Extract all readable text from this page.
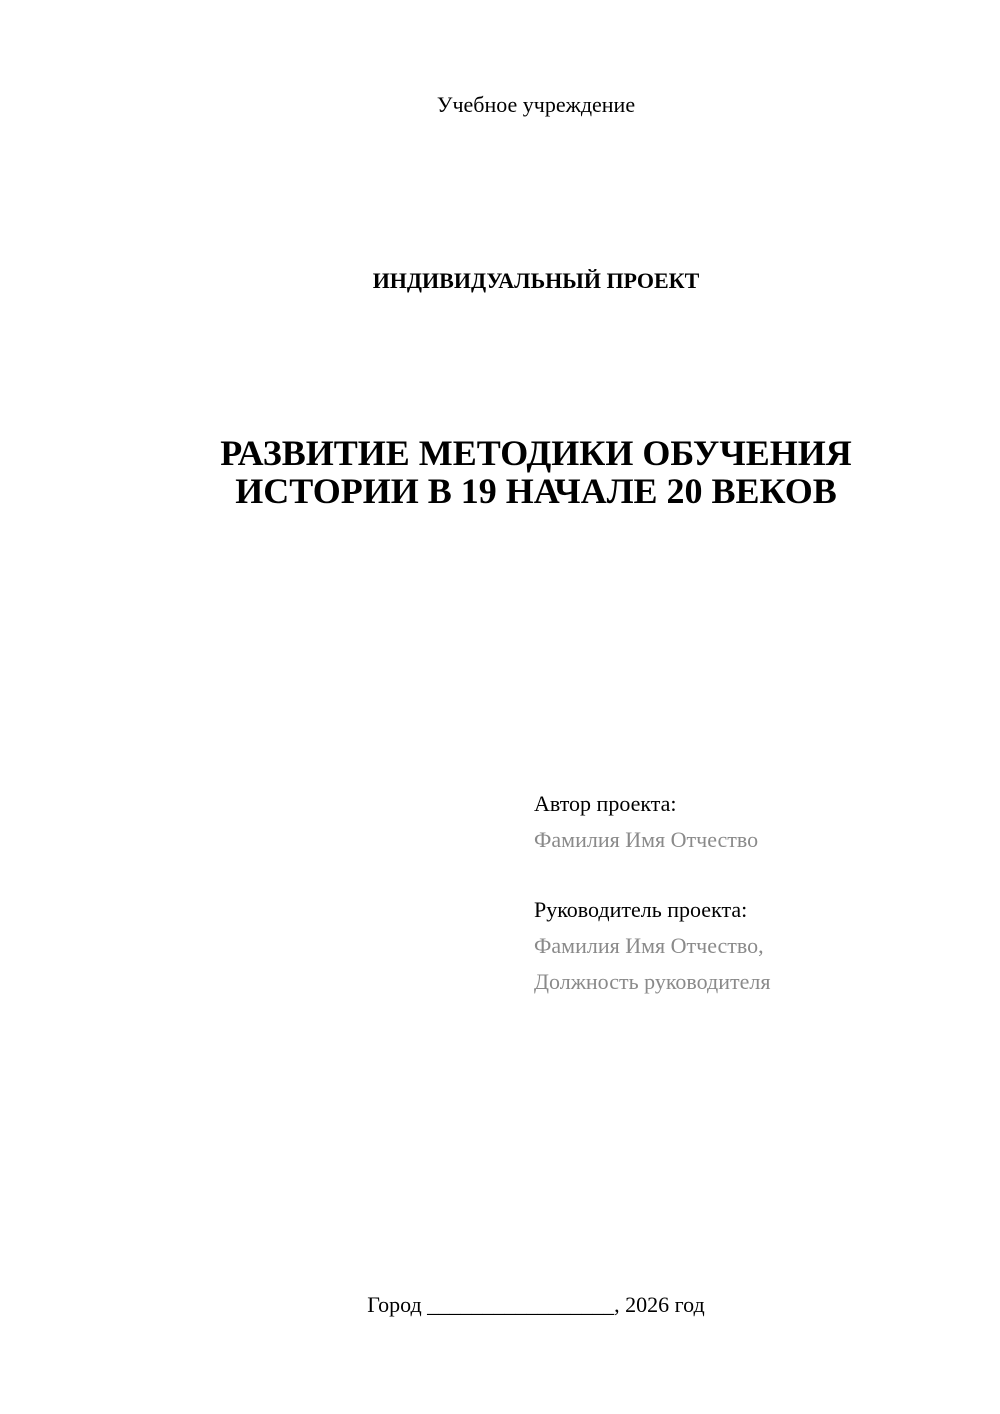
Учебное учреждение
ИНДИВИДУАЛЬНЫЙ ПРОЕКТ
РАЗВИТИЕ МЕТОДИКИ ОБУЧЕНИЯ
ИСТОРИИ В 19 НАЧАЛЕ 20 ВЕКОВ
Автор проекта:
Фамилия Имя Отчество
Руководитель проекта:
Фамилия Имя Отчество,
Должность руководителя
Город _________________, 2026 год
